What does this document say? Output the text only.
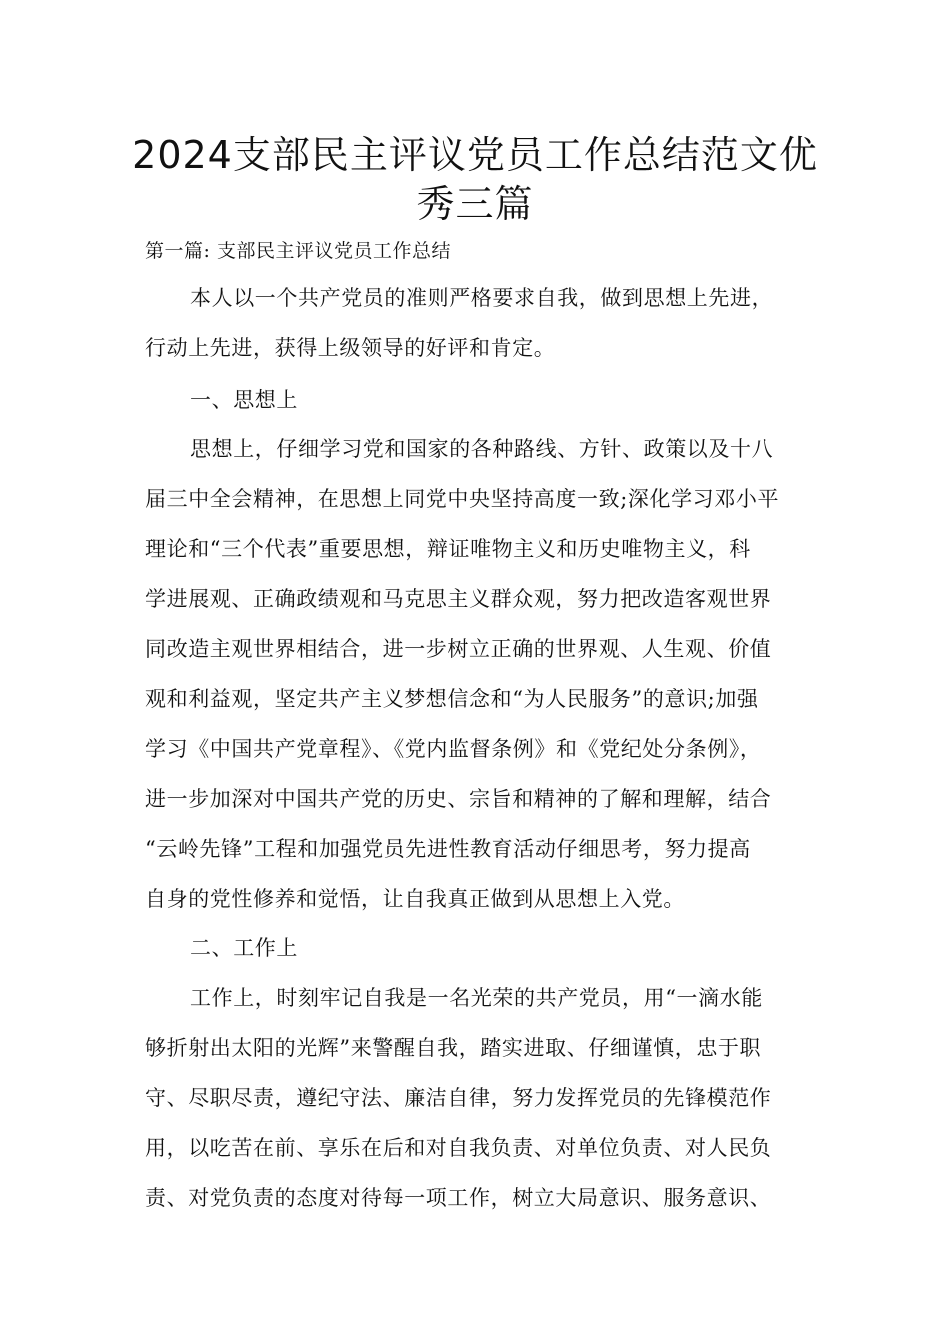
2024支部民主评议党员工作总结范文优
秀三篇
第一篇: 支部民主评议党员工作总结
本人以一个共产党员的准则严格要求自我，做到思想上先进，
行动上先进，获得上级领导的好评和肯定。
一、思想上
思想上，仔细学习党和国家的各种路线、方针、政策以及十八
届三中全会精神，在思想上同党中央坚持高度一致;深化学习邓小平
理论和“三个代表”重要思想，辩证唯物主义和历史唯物主义，科
学进展观、正确政绩观和马克思主义群众观，努力把改造客观世界
同改造主观世界相结合，进一步树立正确的世界观、人生观、价值
观和利益观，坚定共产主义梦想信念和“为人民服务”的意识;加强
学习《中国共产党章程》、《党内监督条例》和《党纪处分条例》，
进一步加深对中国共产党的历史、宗旨和精神的了解和理解，结合
“云岭先锋”工程和加强党员先进性教育活动仔细思考，努力提高
自身的党性修养和觉悟，让自我真正做到从思想上入党。
二、工作上
工作上，时刻牢记自我是一名光荣的共产党员，用“一滴水能
够折射出太阳的光辉”来警醒自我，踏实进取、仔细谨慎，忠于职
守、尽职尽责，遵纪守法、廉洁自律，努力发挥党员的先锋模范作
用，以吃苦在前、享乐在后和对自我负责、对单位负责、对人民负
责、对党负责的态度对待每一项工作，树立大局意识、服务意识、
